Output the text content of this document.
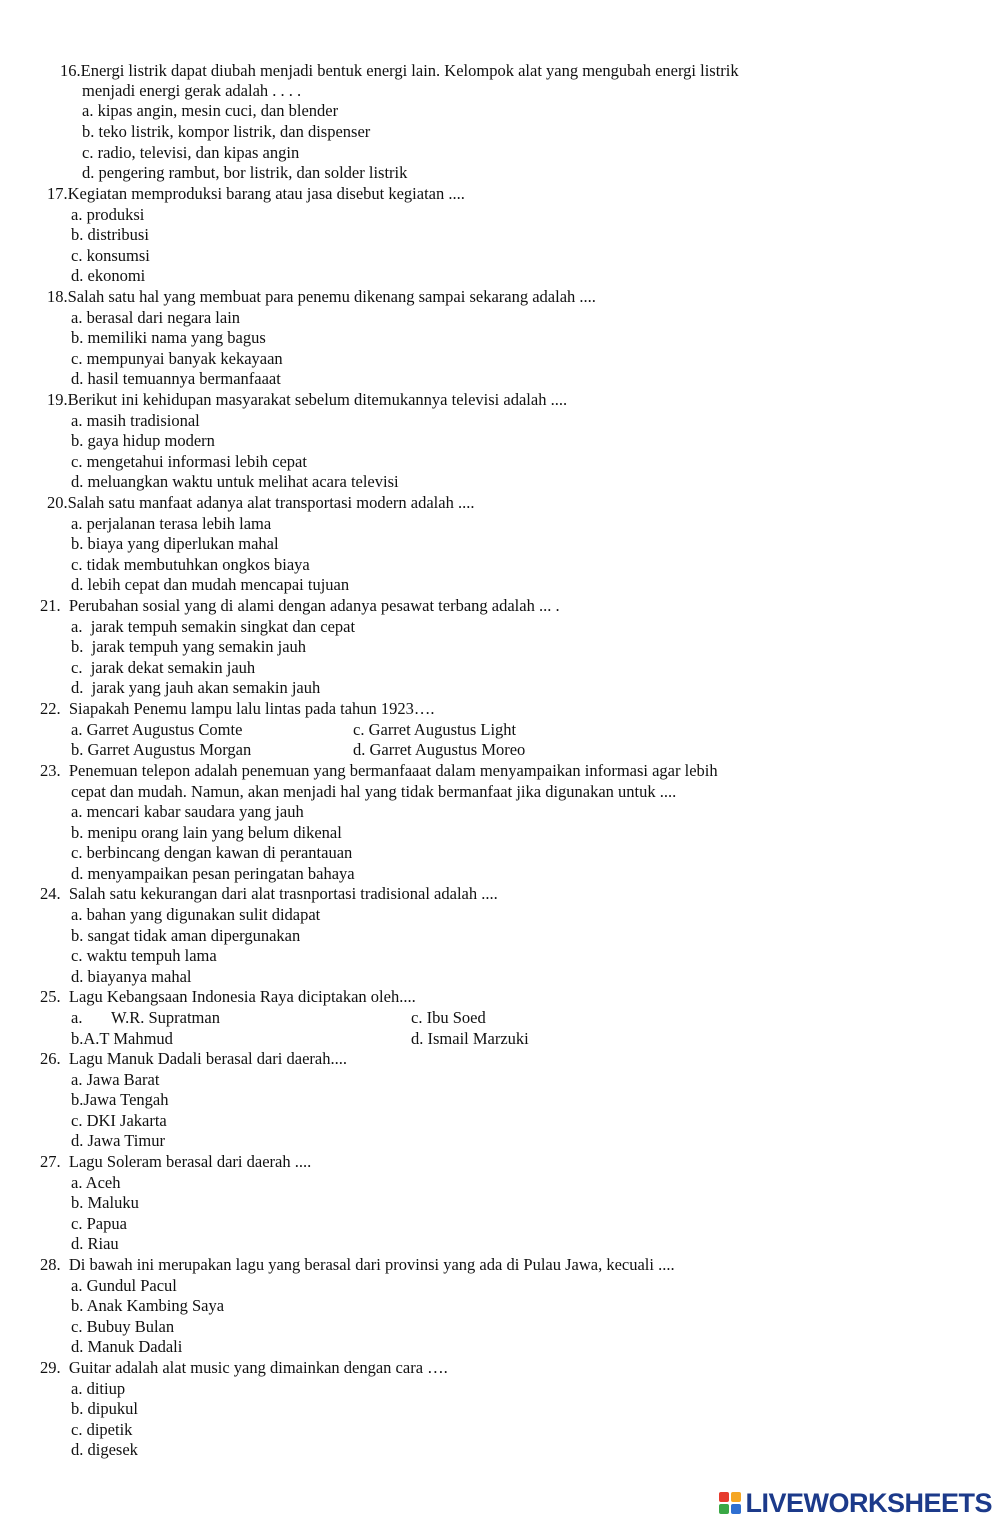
16.Energi listrik dapat diubah menjadi bentuk energi lain. Kelompok alat yang mengubah energi listrik
menjadi energi gerak adalah . . . .
a. kipas angin, mesin cuci, dan blender
b. teko listrik, kompor listrik, dan dispenser
c. radio, televisi, dan kipas angin
d. pengering rambut, bor listrik, dan solder listrik
17.Kegiatan memproduksi barang atau jasa disebut kegiatan ....
a. produksi
b. distribusi
c. konsumsi
d. ekonomi
18.Salah satu hal yang membuat para penemu dikenang sampai sekarang adalah ....
a. berasal dari negara lain
b. memiliki nama yang bagus
c. mempunyai banyak kekayaan
d. hasil temuannya bermanfaaat
19.Berikut ini kehidupan masyarakat sebelum ditemukannya televisi adalah ....
a. masih tradisional
b. gaya hidup modern
c. mengetahui informasi lebih cepat
d. meluangkan waktu untuk melihat acara televisi
20.Salah satu manfaat adanya alat transportasi modern adalah ....
a. perjalanan terasa lebih lama
b. biaya yang diperlukan mahal
c. tidak membutuhkan ongkos biaya
d. lebih cepat dan mudah mencapai tujuan
21.  Perubahan sosial yang di alami dengan adanya pesawat terbang adalah ... .
a.  jarak tempuh semakin singkat dan cepat
b.  jarak tempuh yang semakin jauh
c.  jarak dekat semakin jauh
d.  jarak yang jauh akan semakin jauh
22.  Siapakah Penemu lampu lalu lintas pada tahun 1923….
a. Garret Augustus Comte	c. Garret Augustus Light
b. Garret Augustus Morgan	d. Garret Augustus Moreo
23.  Penemuan telepon adalah penemuan yang bermanfaaat dalam menyampaikan informasi agar lebih
cepat dan mudah. Namun, akan menjadi hal yang tidak bermanfaat jika digunakan untuk ....
a. mencari kabar saudara yang jauh
b. menipu orang lain yang belum dikenal
c. berbincang dengan kawan di perantauan
d. menyampaikan pesan peringatan bahaya
24.  Salah satu kekurangan dari alat trasnportasi tradisional adalah ....
a. bahan yang digunakan sulit didapat
b. sangat tidak aman dipergunakan
c. waktu tempuh lama
d. biayanya mahal
25.  Lagu Kebangsaan Indonesia Raya diciptakan oleh....
a.       W.R. Supratman	c. Ibu Soed
b.A.T Mahmud	d. Ismail Marzuki
26.  Lagu Manuk Dadali berasal dari daerah....
a. Jawa Barat
b.Jawa Tengah
c. DKI Jakarta
d. Jawa Timur
27.  Lagu Soleram berasal dari daerah ....
a. Aceh
b. Maluku
c. Papua
d. Riau
28.  Di bawah ini merupakan lagu yang berasal dari provinsi yang ada di Pulau Jawa, kecuali ....
a. Gundul Pacul
b. Anak Kambing Saya
c. Bubuy Bulan
d. Manuk Dadali
29.  Guitar adalah alat music yang dimainkan dengan cara ….
a. ditiup
b. dipukul
c. dipetik
d. digesek
LIVEWORKSHEETS
